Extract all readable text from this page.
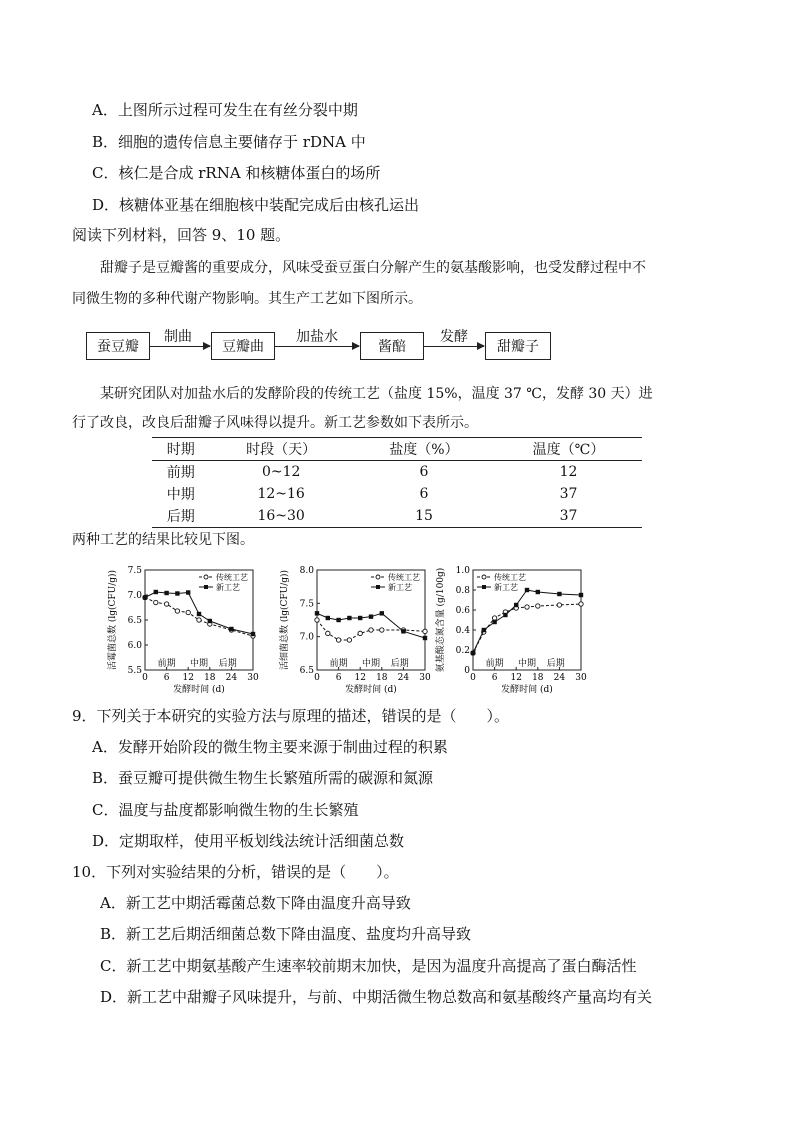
A．上图所示过程可发生在有丝分裂中期
B．细胞的遗传信息主要储存于 rDNA 中
C．核仁是合成 rRNA 和核糖体蛋白的场所
D．核糖体亚基在细胞核中装配完成后由核孔运出
阅读下列材料，回答 9、10 题。
甜瓣子是豆瓣酱的重要成分，风味受蚕豆蛋白分解产生的氨基酸影响，也受发酵过程中不
同微生物的多种代谢产物影响。其生产工艺如下图所示。
蚕豆瓣
制曲
豆瓣曲
加盐水
酱醅
发酵
甜瓣子
某研究团队对加盐水后的发酵阶段的传统工艺（盐度 15%，温度 37 ℃，发酵 30 天）进
行了改良，改良后甜瓣子风味得以提升。新工艺参数如下表所示。
时期	时段（天）	盐度（%）	温度（℃）
前期	0~12	6	12
中期	12~16	6	37
后期	16~30	15	37
两种工艺的结果比较见下图。
5.5
6.0
6.5
7.0
7.5
0 6 12 18 24 30
前期 中期 后期
发酵时间 (d)
活霉菌总数 (lg(CFU/g))	传统工艺
新工艺
6.5
7.0
7.5
8.0
0 6 12 18 24 30
前期 中期 后期
发酵时间 (d)
活细菌总数 (lg(CFU/g))	传统工艺
新工艺
0
0.2
0.4
0.6
0.8
1.0
0 6 12 18 24 30
前期 中期 后期
发酵时间 (d)
氨基酸态氮含量 (g/100g)	传统工艺
新工艺
9．下列关于本研究的实验方法与原理的描述，错误的是（　　）。
A．发酵开始阶段的微生物主要来源于制曲过程的积累
B．蚕豆瓣可提供微生物生长繁殖所需的碳源和氮源
C．温度与盐度都影响微生物的生长繁殖
D．定期取样，使用平板划线法统计活细菌总数
10．下列对实验结果的分析，错误的是（　　）。
A．新工艺中期活霉菌总数下降由温度升高导致
B．新工艺后期活细菌总数下降由温度、盐度均升高导致
C．新工艺中期氨基酸产生速率较前期末加快，是因为温度升高提高了蛋白酶活性
D．新工艺中甜瓣子风味提升，与前、中期活微生物总数高和氨基酸终产量高均有关
